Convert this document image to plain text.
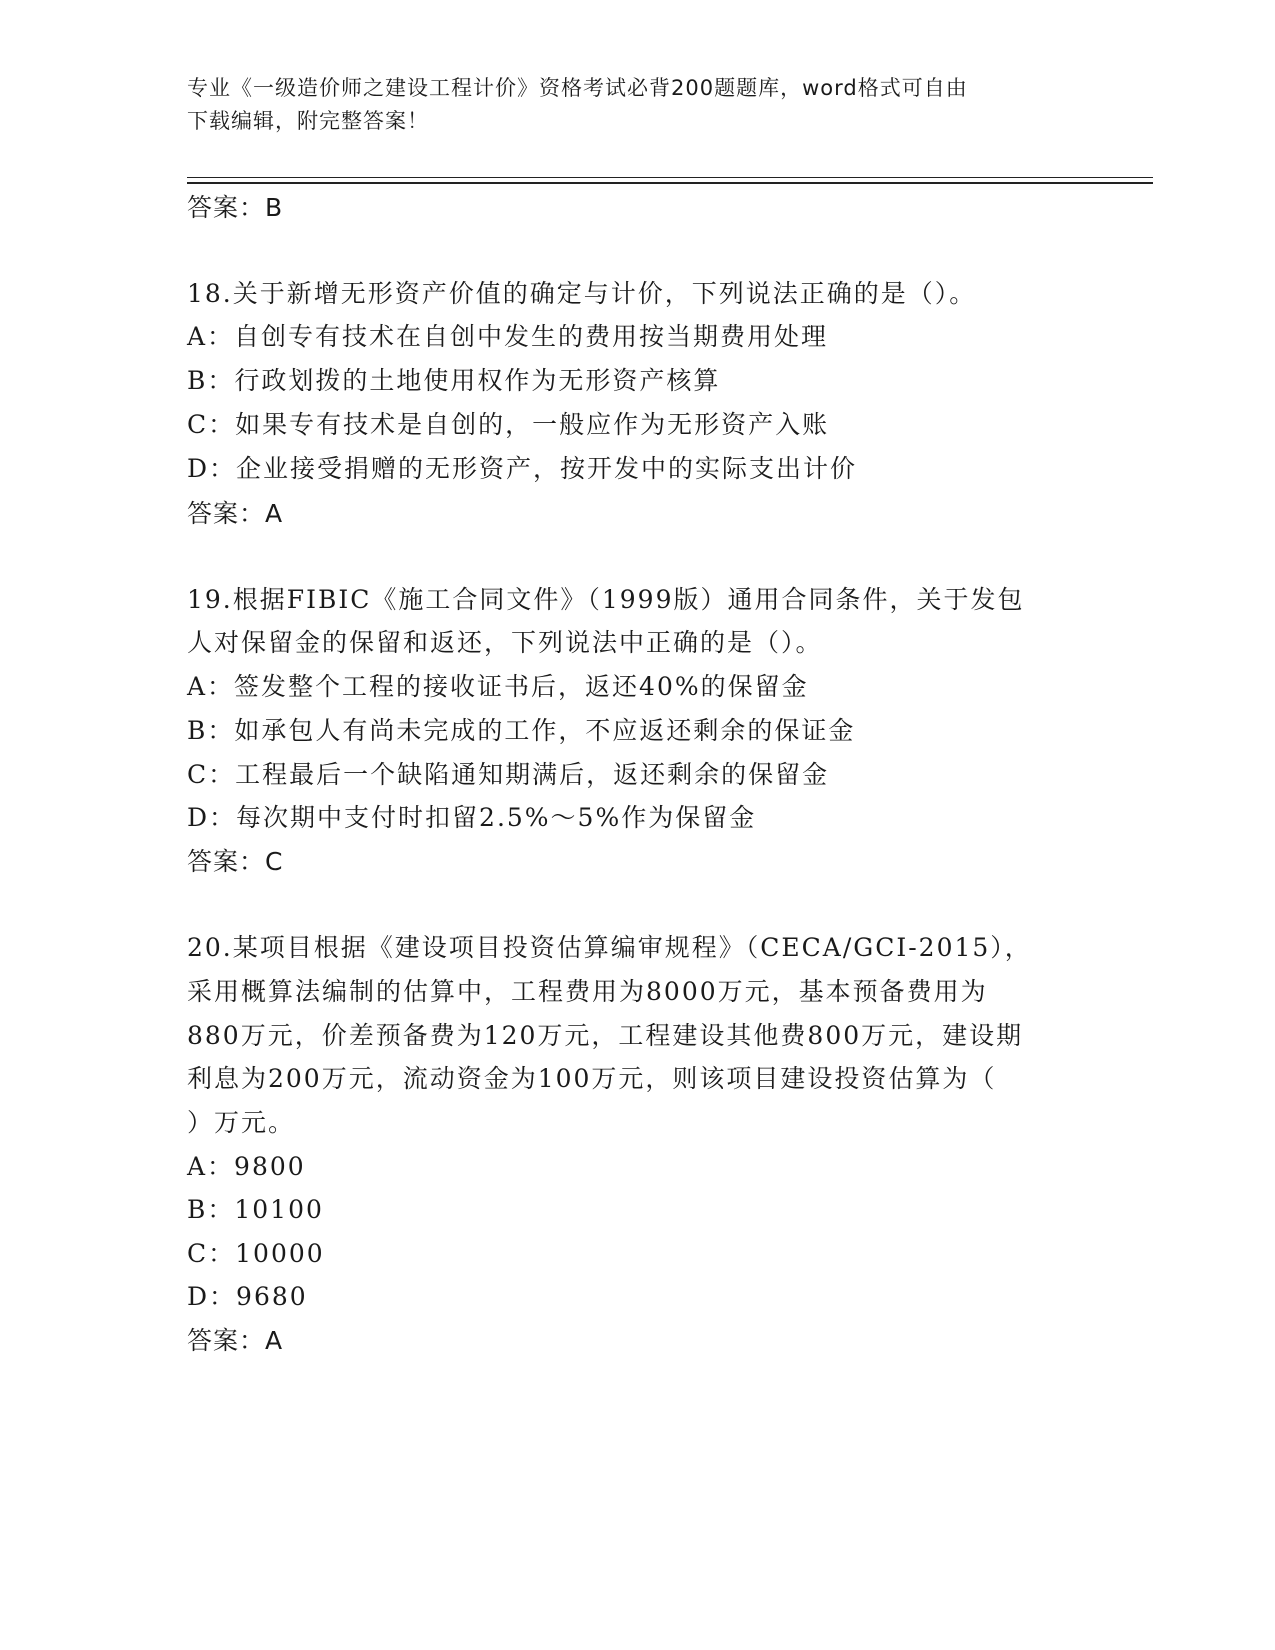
专业《一级造价师之建设工程计价》资格考试必背200题题库，word格式可自由
下载编辑，附完整答案！
答案：B
18.关于新增无形资产价值的确定与计价，下列说法正确的是（）。
A：自创专有技术在自创中发生的费用按当期费用处理
B：行政划拨的土地使用权作为无形资产核算
C：如果专有技术是自创的，一般应作为无形资产入账
D：企业接受捐赠的无形资产，按开发中的实际支出计价
答案：A
19.根据FIBIC《施工合同文件》（1999版）通用合同条件，关于发包
人对保留金的保留和返还，下列说法中正确的是（）。
A：签发整个工程的接收证书后，返还40%的保留金
B：如承包人有尚未完成的工作，不应返还剩余的保证金
C：工程最后一个缺陷通知期满后，返还剩余的保留金
D：每次期中支付时扣留2.5%～5%作为保留金
答案：C
20.某项目根据《建设项目投资估算编审规程》（CECA/GCI-2015），
采用概算法编制的估算中，工程费用为8000万元，基本预备费用为
880万元，价差预备费为120万元，工程建设其他费800万元，建设期
利息为200万元，流动资金为100万元，则该项目建设投资估算为（
）万元。
A：9800
B：10100
C：10000
D：9680
答案：A
